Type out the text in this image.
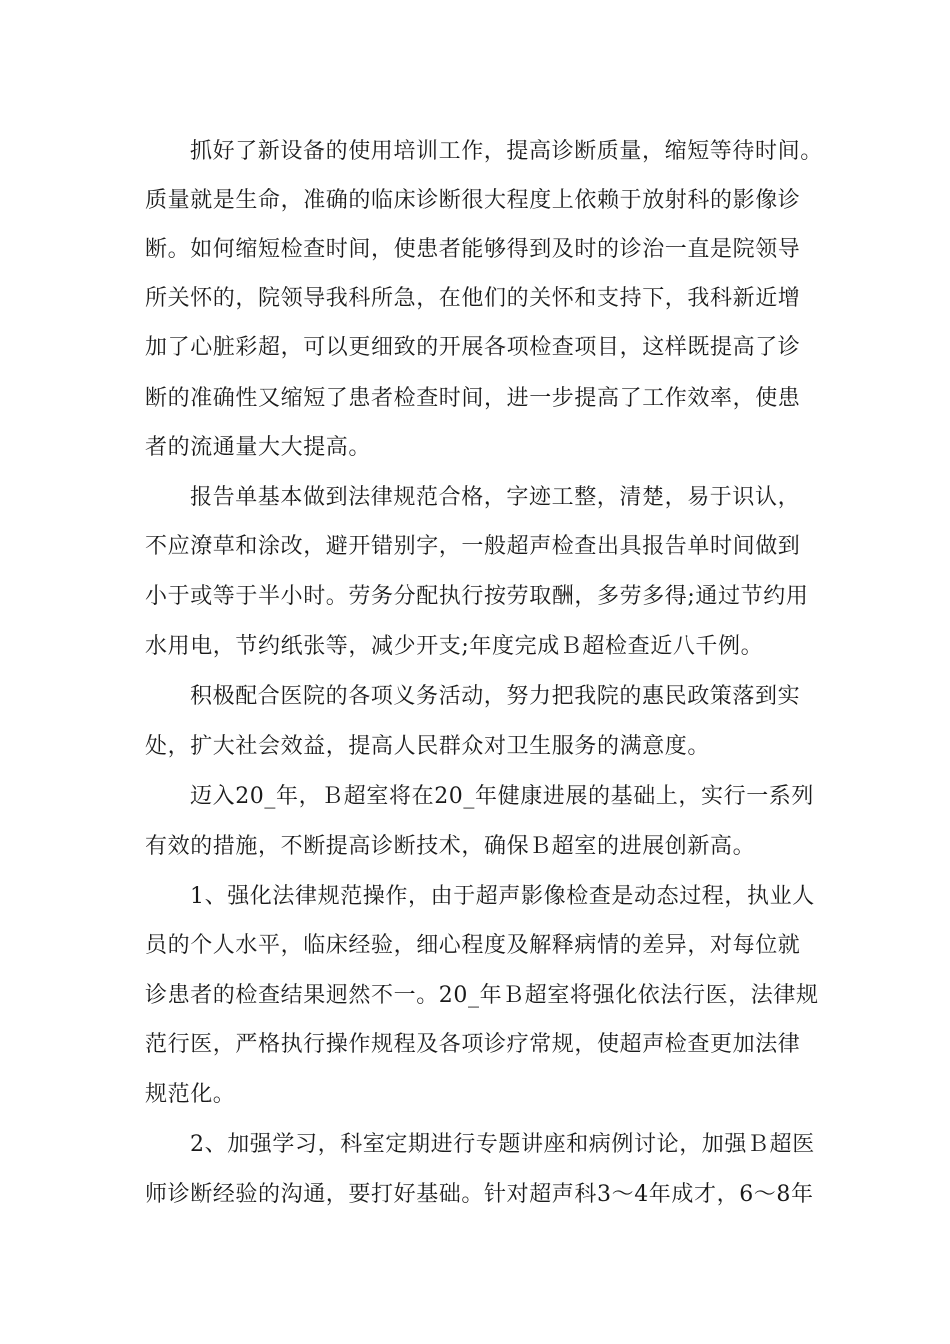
抓好了新设备的使用培训工作，提高诊断质量，缩短等待时间。
质量就是生命，准确的临床诊断很大程度上依赖于放射科的影像诊
断。如何缩短检查时间，使患者能够得到及时的诊治一直是院领导
所关怀的，院领导我科所急，在他们的关怀和支持下，我科新近增
加了心脏彩超，可以更细致的开展各项检查项目，这样既提高了诊
断的准确性又缩短了患者检查时间，进一步提高了工作效率，使患
者的流通量大大提高。
报告单基本做到法律规范合格，字迹工整，清楚，易于识认，
不应潦草和涂改，避开错别字，一般超声检查出具报告单时间做到
小于或等于半小时。劳务分配执行按劳取酬，多劳多得;通过节约用
水用电，节约纸张等，减少开支;年度完成Ｂ超检查近八千例。
积极配合医院的各项义务活动，努力把我院的惠民政策落到实
处，扩大社会效益，提高人民群众对卫生服务的满意度。
迈入20_年，Ｂ超室将在20_年健康进展的基础上，实行一系列
有效的措施，不断提高诊断技术，确保Ｂ超室的进展创新高。
1、强化法律规范操作，由于超声影像检查是动态过程，执业人
员的个人水平，临床经验，细心程度及解释病情的差异，对每位就
诊患者的检查结果迥然不一。20_年Ｂ超室将强化依法行医，法律规
范行医，严格执行操作规程及各项诊疗常规，使超声检查更加法律
规范化。
2、加强学习，科室定期进行专题讲座和病例讨论，加强Ｂ超医
师诊断经验的沟通，要打好基础。针对超声科3～4年成才，6～8年
